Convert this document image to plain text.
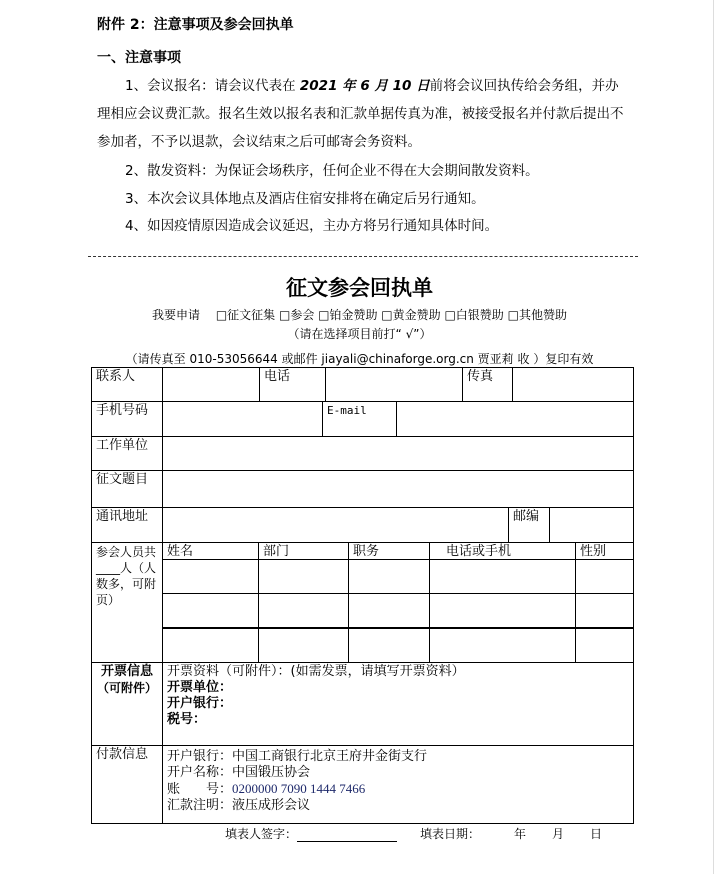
附件 2：注意事项及参会回执单
一、注意事项
1、会议报名：请会议代表在 2021 年 6 月 10 日前将会议回执传给会务组，并办理相应会议费汇款。报名生效以报名表和汇款单据传真为准，被接受报名并付款后提出不参加者，不予以退款，会议结束之后可邮寄会务资料。
2、散发资料：为保证会场秩序，任何企业不得在大会期间散发资料。
3、本次会议具体地点及酒店住宿安排将在确定后另行通知。
4、如因疫情原因造成会议延迟，主办方将另行通知具体时间。
征文参会回执单
我要申请　 □征文征集 □参会 □铂金赞助 □黄金赞助 □白银赞助 □其他赞助
（请在选择项目前打“ √”）
（请传真至 010-53056644 或邮件 jiayali@chinaforge.org.cn 贾亚莉 收 ）复印有效
联系人	电话	传真
手机号码	E-mail
工作单位
征文题目
通讯地址	邮编
参会人员共____人（人数多，可附页）
姓名	部门	职务	电话或手机	性别
开票信息
（可附件）
开票资料（可附件）：(如需发票，请填写开票资料）
开票单位：
开户银行：
税号：
付款信息	开户银行：中国工商银行北京王府井金街支行
开户名称：中国锻压协会
账　　号：0200000 7090 1444 7466
汇款注明：液压成形会议
填表人签字：	填表日期：	年 月 日
